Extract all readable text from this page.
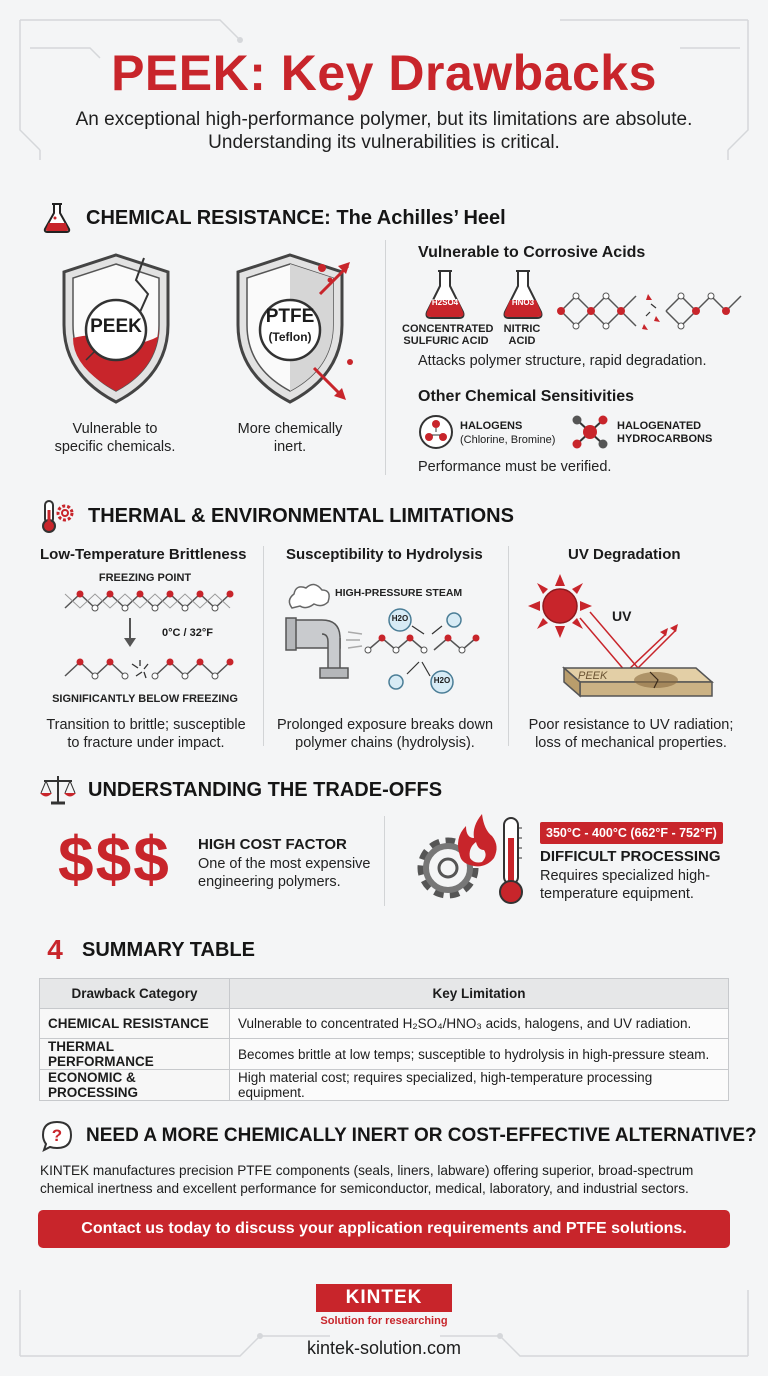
PEEK: Key Drawbacks
An exceptional high-performance polymer, but its limitations are absolute.
Understanding its vulnerabilities is critical.
CHEMICAL RESISTANCE: The Achilles’ Heel
PEEK
Vulnerable to
specific chemicals.
PTFE
(Teflon)
More chemically
inert.
Vulnerable to Corrosive Acids
H2SO4	HNO3
CONCENTRATED
SULFURIC ACID
NITRIC
ACID
Attacks polymer structure, rapid degradation.
Other Chemical Sensitivities
HALOGENS
(Chlorine, Bromine)
HALOGENATED
HYDROCARBONS
Performance must be verified.
THERMAL & ENVIRONMENTAL LIMITATIONS
Low-Temperature Brittleness
FREEZING POINT
0°C / 32°F
SIGNIFICANTLY BELOW FREEZING
Transition to brittle; susceptible
to fracture under impact.
Susceptibility to Hydrolysis
HIGH-PRESSURE STEAM
H2O
H2O
Prolonged exposure breaks down
polymer chains (hydrolysis).
UV Degradation
UV
PEEK
Poor resistance to UV radiation;
loss of mechanical properties.
UNDERSTANDING THE TRADE-OFFS
$$$ HIGH COST FACTOR
One of the most expensive
engineering polymers.
350°C - 400°C (662°F - 752°F)
DIFFICULT PROCESSING
Requires specialized high-
temperature equipment.
4 SUMMARY TABLE
Drawback Category	Key Limitation
CHEMICAL RESISTANCE	Vulnerable to concentrated H₂SO₄/HNO₃ acids, halogens, and UV radiation.
THERMAL PERFORMANCE	Becomes brittle at low temps; susceptible to hydrolysis in high-pressure steam.
ECONOMIC & PROCESSING	High material cost; requires specialized, high-temperature processing equipment.
? NEED A MORE CHEMICALLY INERT OR COST-EFFECTIVE ALTERNATIVE?
KINTEK manufactures precision PTFE components (seals, liners, labware) offering superior, broad-spectrum
chemical inertness and excellent performance for semiconductor, medical, laboratory, and industrial sectors.
Contact us today to discuss your application requirements and PTFE solutions.
KINTEK
Solution for researching
kintek-solution.com
